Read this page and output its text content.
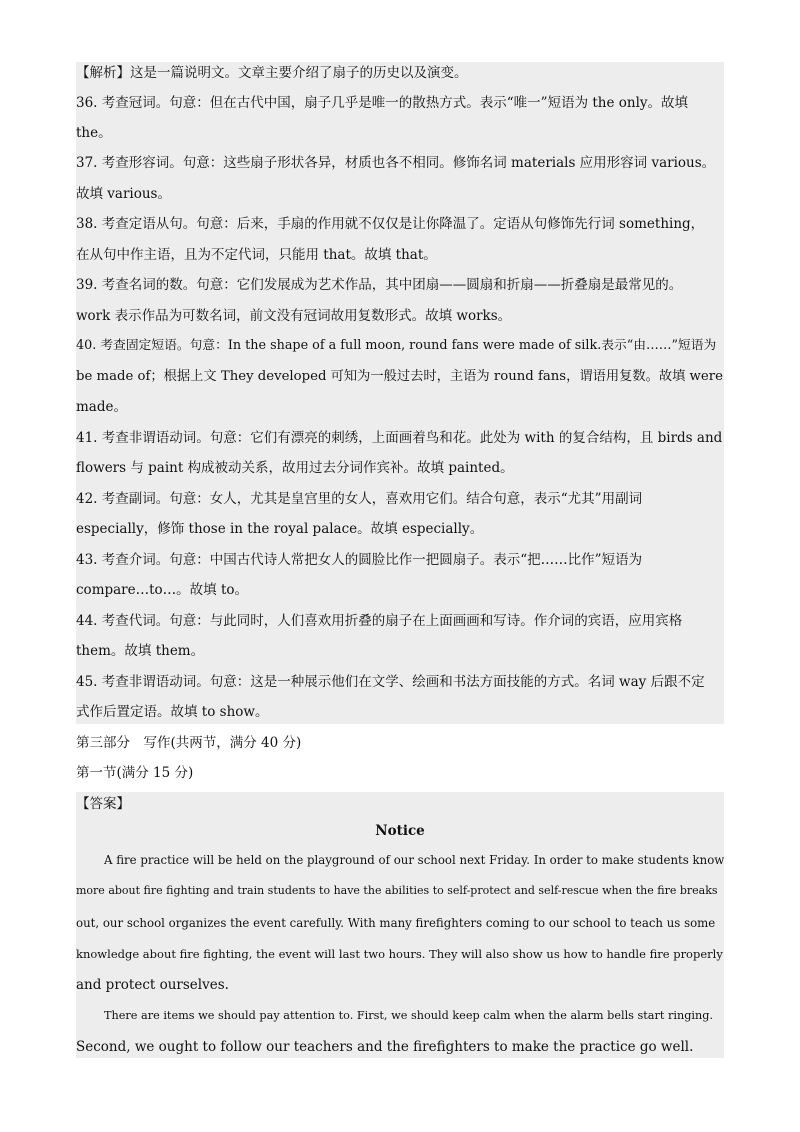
【解析】这是一篇说明文。文章主要介绍了扇子的历史以及演变。
36. 考查冠词。句意：但在古代中国，扇子几乎是唯一的散热方式。表示“唯一”短语为 the only。故填
the。
37. 考查形容词。句意：这些扇子形状各异，材质也各不相同。修饰名词 materials 应用形容词 various。
故填 various。
38. 考查定语从句。句意：后来，手扇的作用就不仅仅是让你降温了。定语从句修饰先行词 something，
在从句中作主语，且为不定代词，只能用 that。故填 that。
39. 考查名词的数。句意：它们发展成为艺术作品，其中团扇——圆扇和折扇——折叠扇是最常见的。
work 表示作品为可数名词，前文没有冠词故用复数形式。故填 works。
40. 考查固定短语。句意：In the shape of a full moon, round fans were made of silk.表示“由……”短语为
be made of；根据上文 They developed 可知为一般过去时，主语为 round fans，谓语用复数。故填 were
made。
41. 考查非谓语动词。句意：它们有漂亮的刺绣，上面画着鸟和花。此处为 with 的复合结构，且 birds and
flowers 与 paint 构成被动关系，故用过去分词作宾补。故填 painted。
42. 考查副词。句意：女人，尤其是皇宫里的女人，喜欢用它们。结合句意，表示“尤其”用副词
especially，修饰 those in the royal palace。故填 especially。
43. 考查介词。句意：中国古代诗人常把女人的圆脸比作一把圆扇子。表示“把……比作”短语为
compare…to…。故填 to。
44. 考查代词。句意：与此同时，人们喜欢用折叠的扇子在上面画画和写诗。作介词的宾语，应用宾格
them。故填 them。
45. 考查非谓语动词。句意：这是一种展示他们在文学、绘画和书法方面技能的方式。名词 way 后跟不定
式作后置定语。故填 to show。
第三部分　写作(共两节，满分 40 分)
第一节(满分 15 分)
【答案】
Notice
A fire practice will be held on the playground of our school next Friday. In order to make students know
more about fire fighting and train students to have the abilities to self-protect and self-rescue when the fire breaks
out, our school organizes the event carefully. With many firefighters coming to our school to teach us some
knowledge about fire fighting, the event will last two hours. They will also show us how to handle fire properly
and protect ourselves.
There are items we should pay attention to. First, we should keep calm when the alarm bells start ringing.
Second, we ought to follow our teachers and the firefighters to make the practice go well.
